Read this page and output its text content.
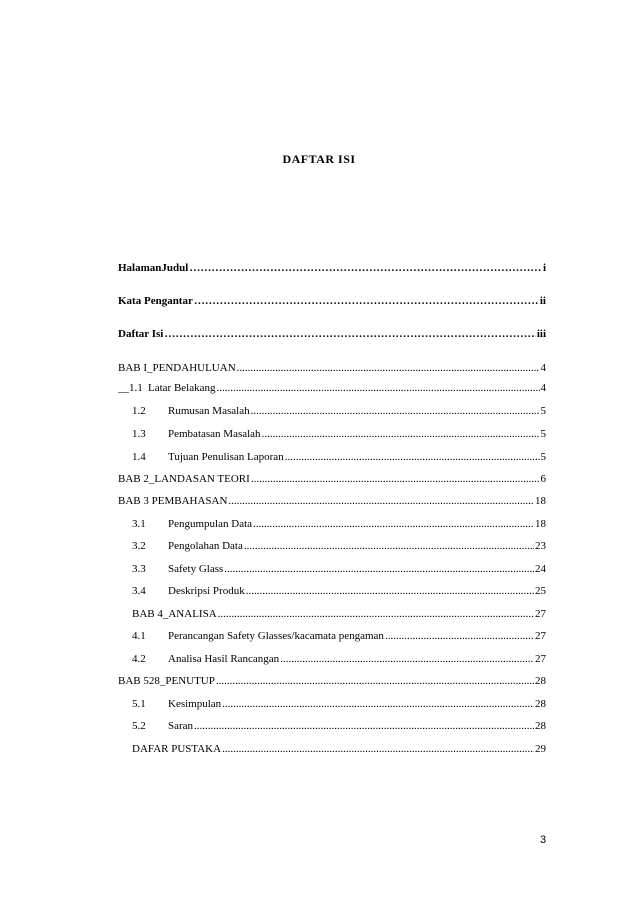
DAFTAR ISI
HalamanJudul ………………………………………………………………………………………………………………………………………………………………	i
Kata Pengantar ………………………………………………………………………………………………………………………………………………………………	ii
Daftar Isi ………………………………………………………………………………………………………………………………………………………………	iii
BAB I_PENDAHULUAN .....	4
__1.1 Latar Belakang .....	4
1.2	Rumusan Masalah .....	5
1.3	Pembatasan Masalah .....	5
1.4	Tujuan Penulisan Laporan .....	5
BAB 2_LANDASAN TEORI .....	6
BAB 3 PEMBAHASAN .....	18
3.1	Pengumpulan Data .....	18
3.2	Pengolahan Data .....	23
3.3	Safety Glass .....	24
3.4	Deskripsi Produk .....	25
BAB 4_ANALISA .....	27
4.1	Perancangan Safety Glasses/kacamata pengaman .....	27
4.2	Analisa Hasil Rancangan .....	27
BAB 528_PENUTUP .....	28
5.1	Kesimpulan .....	28
5.2	Saran .....	28
DAFAR PUSTAKA .....	29
3
